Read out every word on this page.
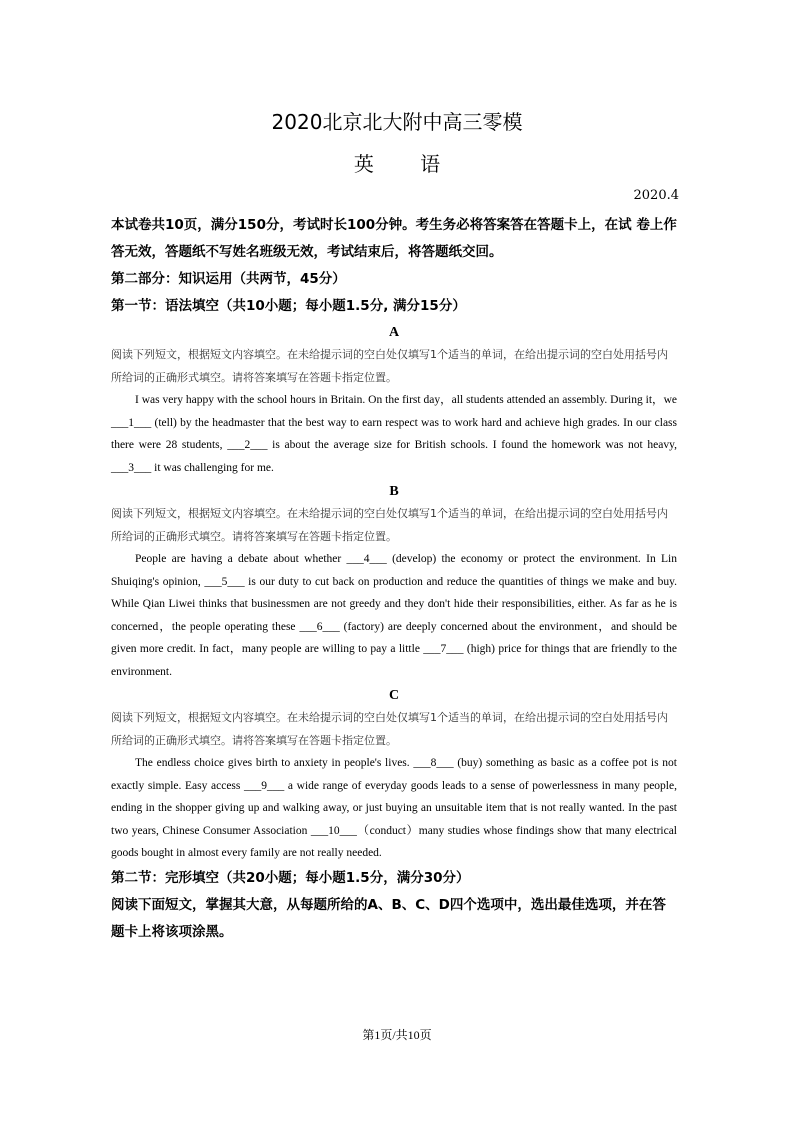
2020北京北大附中高三零模
英 语
2020.4

本试卷共10页，满分150分，考试时长100分钟。考生务必将答案答在答题卡上，在试 卷上作答无效，答题纸不写姓名班级无效，考试结束后，将答题纸交回。

第二部分：知识运用（共两节，45分）

第一节：语法填空（共10小题；每小题1.5分, 满分15分）

A

阅读下列短文，根据短文内容填空。在未给提示词的空白处仅填写1个适当的单词，在给出提示词的空白处用括号内所给词的正确形式填空。请将答案填写在答题卡指定位置。

I was very happy with the school hours in Britain. On the first day，all students attended an assembly. During it，we ___1___ (tell) by the headmaster that the best way to earn respect was to work hard and achieve high grades. In our class there were 28 students, ___2___ is about the average size for British schools. I found the homework was not heavy, ___3___ it was challenging for me.

B

阅读下列短文，根据短文内容填空。在未给提示词的空白处仅填写1个适当的单词，在给出提示词的空白处用括号内所给词的正确形式填空。请将答案填写在答题卡指定位置。

People are having a debate about whether ___4___ (develop) the economy or protect the environment. In Lin Shuiqing's opinion, ___5___ is our duty to cut back on production and reduce the quantities of things we make and buy. While Qian Liwei thinks that businessmen are not greedy and they don't hide their responsibilities, either. As far as he is concerned，the people operating these ___6___ (factory) are deeply concerned about the environment，and should be given more credit. In fact，many people are willing to pay a little ___7___ (high) price for things that are friendly to the environment.

C

阅读下列短文，根据短文内容填空。在未给提示词的空白处仅填写1个适当的单词，在给出提示词的空白处用括号内所给词的正确形式填空。请将答案填写在答题卡指定位置。

The endless choice gives birth to anxiety in people's lives. ___8___ (buy) something as basic as a coffee pot is not exactly simple. Easy access ___9___ a wide range of everyday goods leads to a sense of powerlessness in many people, ending in the shopper giving up and walking away, or just buying an unsuitable item that is not really wanted. In the past two years, Chinese Consumer Association ___10___（conduct）many studies whose findings show that many electrical goods bought in almost every family are not really needed.

第二节：完形填空（共20小题；每小题1.5分，满分30分）

阅读下面短文，掌握其大意，从每题所给的A、B、C、D四个选项中，选出最佳选项，并在答题卡上将该项涂黑。

第1页/共10页
